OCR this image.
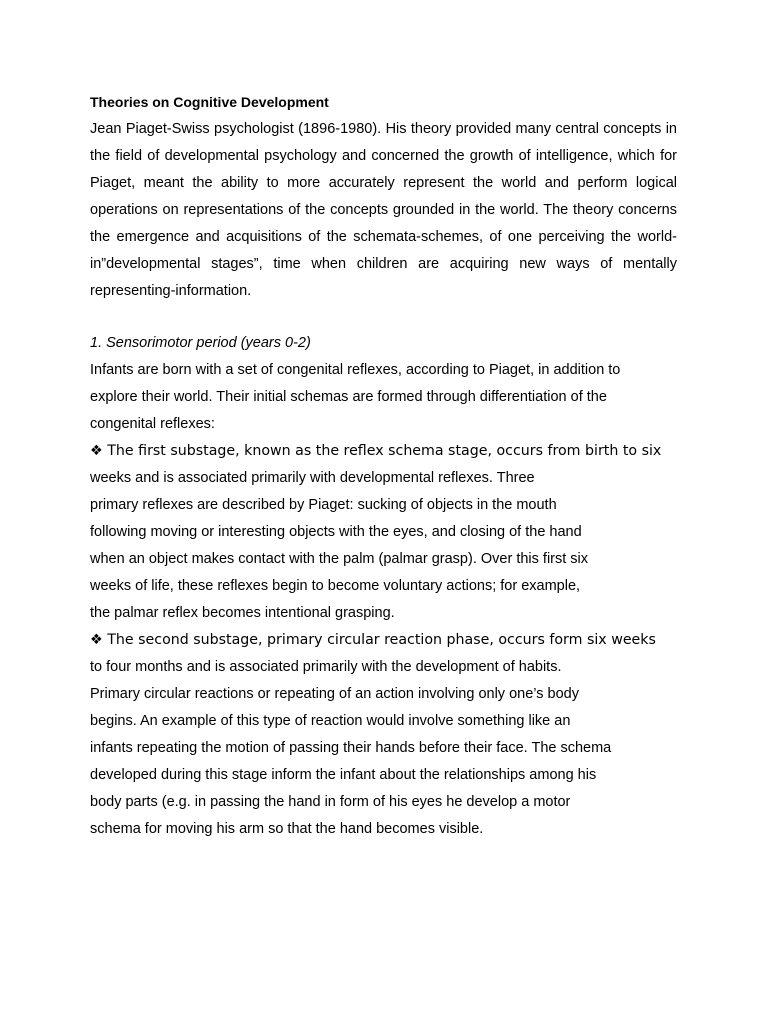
Theories on Cognitive Development

Jean Piaget-Swiss psychologist (1896-1980). His theory provided many central concepts in the field of developmental psychology and concerned the growth of intelligence, which for Piaget, meant the ability to more accurately represent the world and perform logical operations on representations of the concepts grounded in the world. The theory concerns the emergence and acquisitions of the schemata-schemes, of one perceiving the world-in”developmental stages”, time when children are acquiring new ways of mentally representing-information.

1. Sensorimotor period (years 0-2)

Infants are born with a set of congenital reflexes, according to Piaget, in addition to

explore their world. Their initial schemas are formed through differentiation of the

congenital reflexes:

❖ The first substage, known as the reflex schema stage, occurs from birth to six

weeks and is associated primarily with developmental reflexes. Three

primary reflexes are described by Piaget: sucking of objects in the mouth

following moving or interesting objects with the eyes, and closing of the hand

when an object makes contact with the palm (palmar grasp). Over this first six

weeks of life, these reflexes begin to become voluntary actions; for example,

the palmar reflex becomes intentional grasping.

❖ The second substage, primary circular reaction phase, occurs form six weeks

to four months and is associated primarily with the development of habits.

Primary circular reactions or repeating of an action involving only one’s body

begins. An example of this type of reaction would involve something like an

infants repeating the motion of passing their hands before their face. The schema

developed during this stage inform the infant about the relationships among his

body parts (e.g. in passing the hand in form of his eyes he develop a motor

schema for moving his arm so that the hand becomes visible.
